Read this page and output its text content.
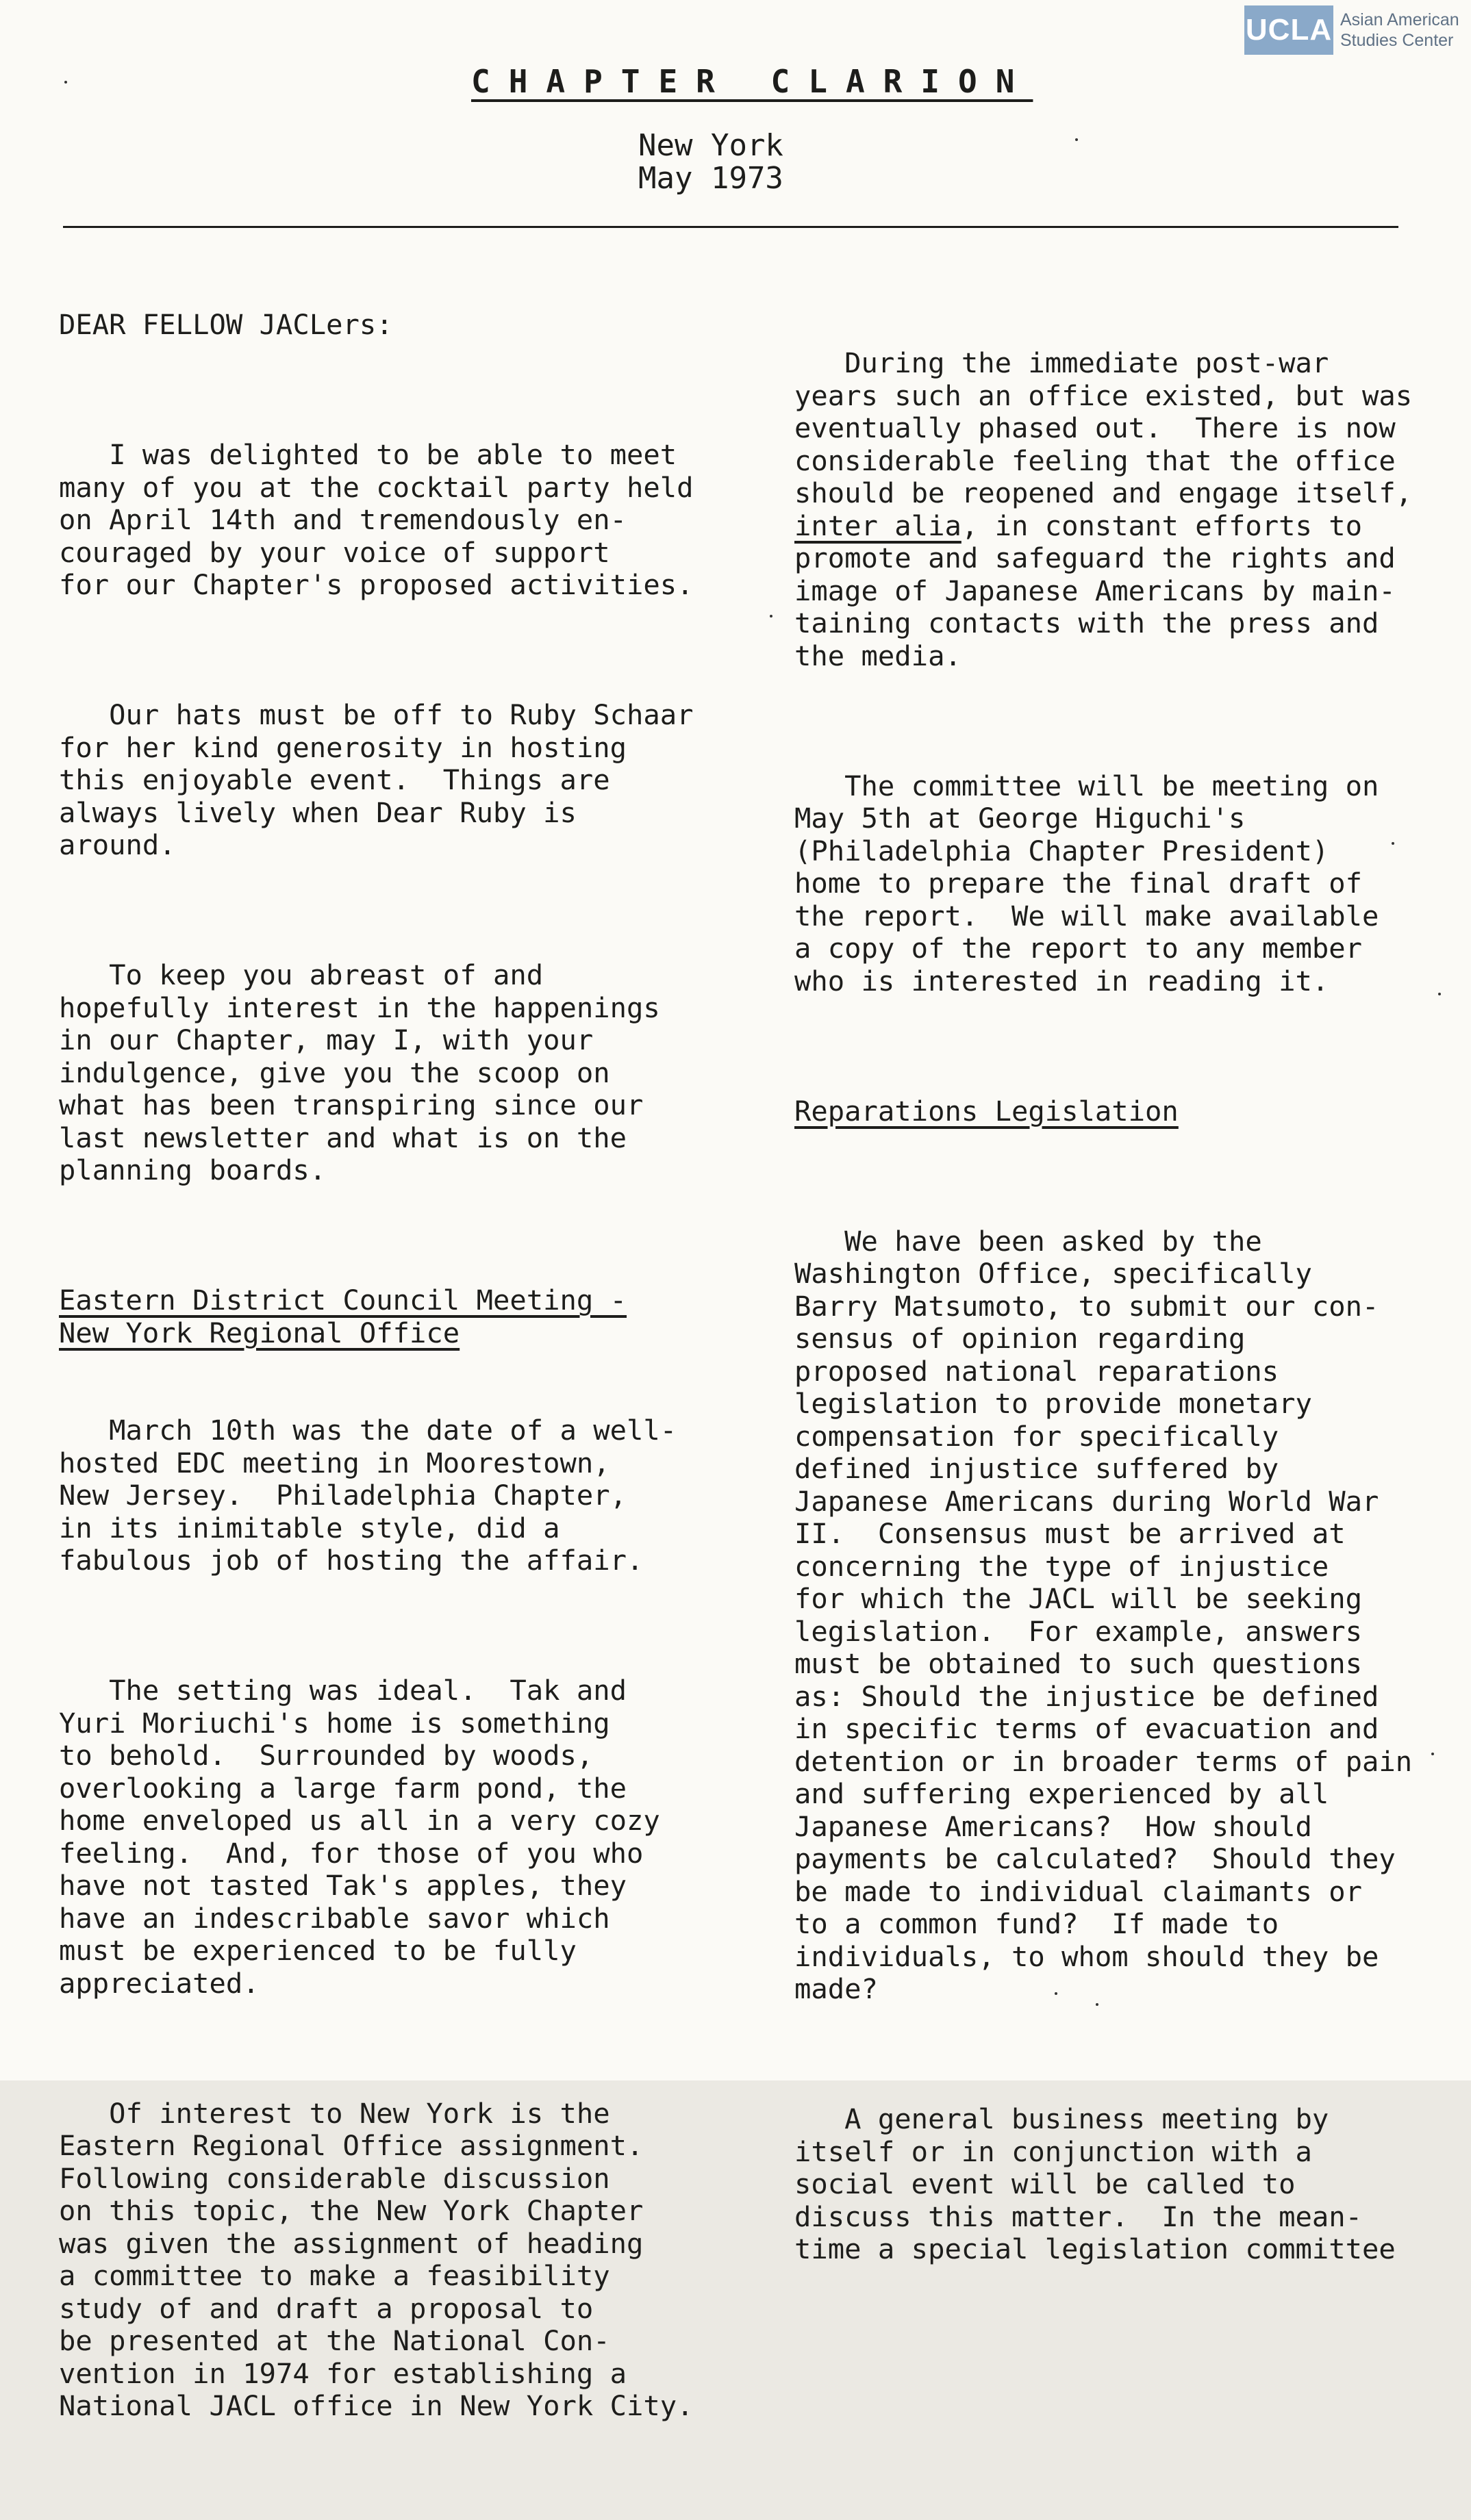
UCLA Asian American
Studies Center
CHAPTER CLARION
New York
May 1973

DEAR FELLOW JACLers:

I was delighted to be able to meet
many of you at the cocktail party held
on April 14th and tremendously en-
couraged by your voice of support
for our Chapter's proposed activities.

Our hats must be off to Ruby Schaar
for her kind generosity in hosting
this enjoyable event.  Things are
always lively when Dear Ruby is
around.

To keep you abreast of and
hopefully interest in the happenings
in our Chapter, may I, with your
indulgence, give you the scoop on
what has been transpiring since our
last newsletter and what is on the
planning boards.

Eastern District Council Meeting -
New York Regional Office

March 10th was the date of a well-
hosted EDC meeting in Moorestown,
New Jersey.  Philadelphia Chapter,
in its inimitable style, did a
fabulous job of hosting the affair.

The setting was ideal.  Tak and
Yuri Moriuchi's home is something
to behold.  Surrounded by woods,
overlooking a large farm pond, the
home enveloped us all in a very cozy
feeling.  And, for those of you who
have not tasted Tak's apples, they
have an indescribable savor which
must be experienced to be fully
appreciated.

Of interest to New York is the
Eastern Regional Office assignment.
Following considerable discussion
on this topic, the New York Chapter
was given the assignment of heading
a committee to make a feasibility
study of and draft a proposal to
be presented at the National Con-
vention in 1974 for establishing a
National JACL office in New York City.

During the immediate post-war
years such an office existed, but was
eventually phased out.  There is now
considerable feeling that the office
should be reopened and engage itself,
inter alia, in constant efforts to
promote and safeguard the rights and
image of Japanese Americans by main-
taining contacts with the press and
the media.

The committee will be meeting on
May 5th at George Higuchi's
(Philadelphia Chapter President)
home to prepare the final draft of
the report.  We will make available
a copy of the report to any member
who is interested in reading it.

Reparations Legislation

We have been asked by the
Washington Office, specifically
Barry Matsumoto, to submit our con-
sensus of opinion regarding
proposed national reparations
legislation to provide monetary
compensation for specifically
defined injustice suffered by
Japanese Americans during World War
II.  Consensus must be arrived at
concerning the type of injustice
for which the JACL will be seeking
legislation.  For example, answers
must be obtained to such questions
as: Should the injustice be defined
in specific terms of evacuation and
detention or in broader terms of pain
and suffering experienced by all
Japanese Americans?  How should
payments be calculated?  Should they
be made to individual claimants or
to a common fund?  If made to
individuals, to whom should they be
made?

A general business meeting by
itself or in conjunction with a
social event will be called to
discuss this matter.  In the mean-
time a special legislation committee
